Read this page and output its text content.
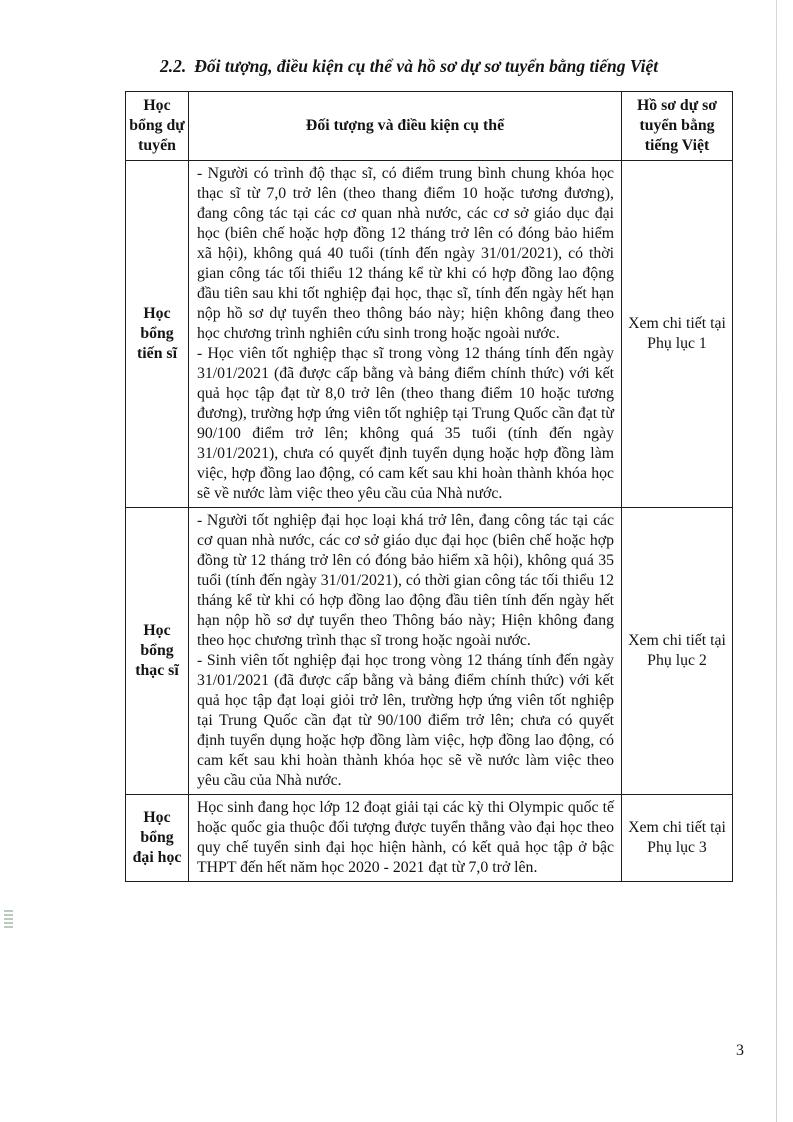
2.2. Đối tượng, điều kiện cụ thể và hồ sơ dự sơ tuyển bằng tiếng Việt
Học bổng dự tuyển	Đối tượng và điều kiện cụ thể	Hồ sơ dự sơ tuyển bằng tiếng Việt
Học bổng tiến sĩ	- Người có trình độ thạc sĩ, có điểm trung bình chung khóa học thạc sĩ từ 7,0 trở lên (theo thang điểm 10 hoặc tương đương), đang công tác tại các cơ quan nhà nước, các cơ sở giáo dục đại học (biên chế hoặc hợp đồng 12 tháng trở lên có đóng bảo hiểm xã hội), không quá 40 tuổi (tính đến ngày 31/01/2021), có thời gian công tác tối thiểu 12 tháng kể từ khi có hợp đồng lao động đầu tiên sau khi tốt nghiệp đại học, thạc sĩ, tính đến ngày hết hạn nộp hồ sơ dự tuyển theo thông báo này; hiện không đang theo học chương trình nghiên cứu sinh trong hoặc ngoài nước.

- Học viên tốt nghiệp thạc sĩ trong vòng 12 tháng tính đến ngày 31/01/2021 (đã được cấp bằng và bảng điểm chính thức) với kết quả học tập đạt từ 8,0 trở lên (theo thang điểm 10 hoặc tương đương), trường hợp ứng viên tốt nghiệp tại Trung Quốc cần đạt từ 90/100 điểm trở lên; không quá 35 tuổi (tính đến ngày 31/01/2021), chưa có quyết định tuyển dụng hoặc hợp đồng làm việc, hợp đồng lao động, có cam kết sau khi hoàn thành khóa học sẽ về nước làm việc theo yêu cầu của Nhà nước.	Xem chi tiết tại Phụ lục 1
Học bổng thạc sĩ	- Người tốt nghiệp đại học loại khá trở lên, đang công tác tại các cơ quan nhà nước, các cơ sở giáo dục đại học (biên chế hoặc hợp đồng từ 12 tháng trở lên có đóng bảo hiểm xã hội), không quá 35 tuổi (tính đến ngày 31/01/2021), có thời gian công tác tối thiểu 12 tháng kể từ khi có hợp đồng lao động đầu tiên tính đến ngày hết hạn nộp hồ sơ dự tuyển theo Thông báo này; Hiện không đang theo học chương trình thạc sĩ trong hoặc ngoài nước.

- Sinh viên tốt nghiệp đại học trong vòng 12 tháng tính đến ngày 31/01/2021 (đã được cấp bằng và bảng điểm chính thức) với kết quả học tập đạt loại giỏi trở lên, trường hợp ứng viên tốt nghiệp tại Trung Quốc cần đạt từ 90/100 điểm trở lên; chưa có quyết định tuyển dụng hoặc hợp đồng làm việc, hợp đồng lao động, có cam kết sau khi hoàn thành khóa học sẽ về nước làm việc theo yêu cầu của Nhà nước.	Xem chi tiết tại Phụ lục 2
Học bổng đại học	Học sinh đang học lớp 12 đoạt giải tại các kỳ thi Olympic quốc tế hoặc quốc gia thuộc đối tượng được tuyển thẳng vào đại học theo quy chế tuyển sinh đại học hiện hành, có kết quả học tập ở bậc THPT đến hết năm học 2020 - 2021 đạt từ 7,0 trở lên.	Xem chi tiết tại Phụ lục 3
3
